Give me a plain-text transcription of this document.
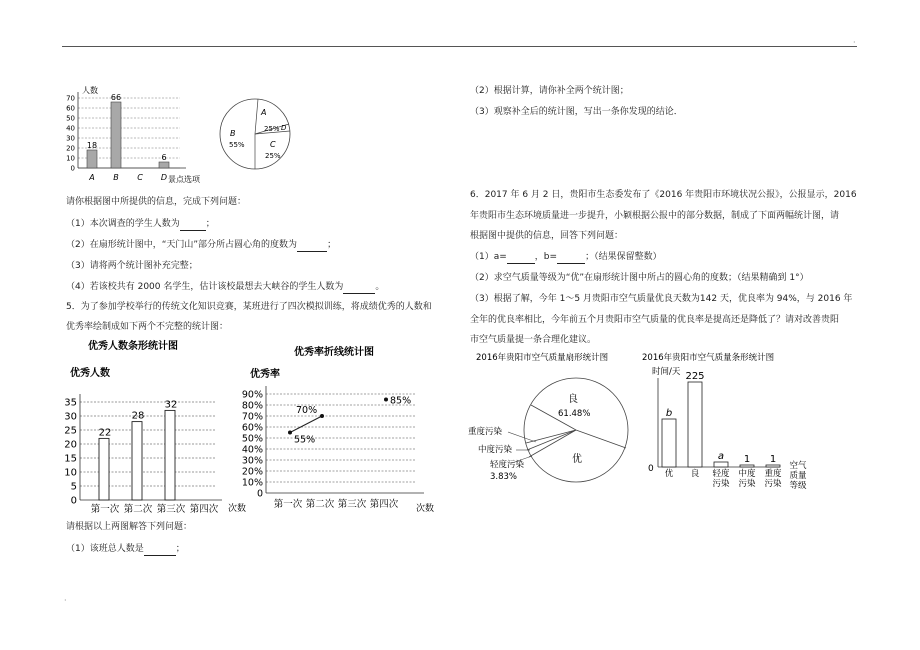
·
·
人数
景点选项
0
10
20
30
40
50
60
70
18
A
66
B C
6
D
B
55%
A
25% D
C
25%
请你根据图中所提供的信息，完成下列问题：
（1）本次调查的学生人数为	；
（2）在扇形统计图中，“天门山”部分所占圆心角的度数为	；
（3）请将两个统计图补充完整；
（4）若该校共有 2000 名学生，估计该校最想去大峡谷的学生人数为	。
5．为了参加学校举行的传统文化知识竞赛，某班进行了四次模拟训练，将成绩优秀的人数和
优秀率绘制成如下两个不完整的统计图：
优秀人数条形统计图
优秀人数
次数
0
5
10
15
20
25
30
35
22
第一次
28
第二次
32
第三次 第四次
优秀率折线统计图
优秀率
次数
0
10%
20%
30%
40%
50%
60%
70%
80%
90%
第一次 第二次 第三次 第四次
55%
70%
85%
请根据以上两图解答下列问题：
（1）该班总人数是	；
（2）根据计算，请你补全两个统计图；
（3）观察补全后的统计图，写出一条你发现的结论．
6．2017 年 6 月 2 日，贵阳市生态委发布了《2016 年贵阳市环境状况公报》，公报显示，2016
年贵阳市生态环境质量进一步提升，小颖根据公报中的部分数据，制成了下面两幅统计图，请
根据图中提供的信息，回答下列问题：
（1）a=	，b=	；（结果保留整数）
（2）求空气质量等级为“优”在扇形统计图中所占的圆心角的度数；（结果精确到 1°）
（3）根据了解，今年 1～5 月贵阳市空气质量优良天数为142 天，优良率为 94%，与 2016 年
全年的优良率相比，今年前五个月贵阳市空气质量的优良率是提高还是降低了？请对改善贵阳
市空气质量提一条合理化建议。
2016年贵阳市空气质量扇形统计图
良
61.48%
优
重度污染
中度污染
轻度污染
3.83%
2016年贵阳市空气质量条形统计图
时间/天
0
b
优
225
良
a
轻度
污染
1
中度
污染
1
重度
污染
空气
质量
等级
